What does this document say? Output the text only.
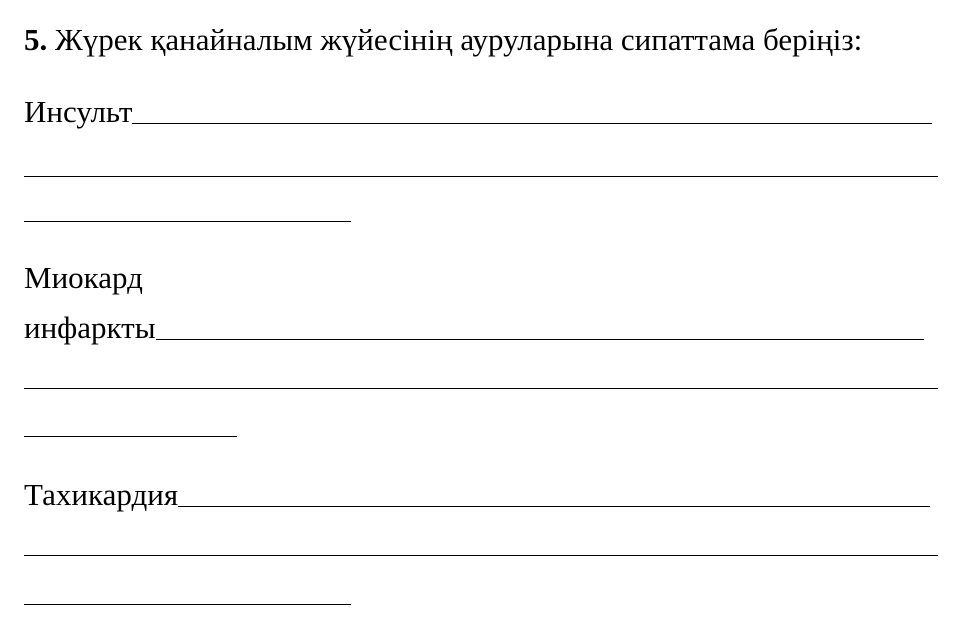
5. Жүрек қанайналым жүйесінің ауруларына сипаттама беріңіз:
Инсульт
Миокард
инфаркты
Тахикардия
